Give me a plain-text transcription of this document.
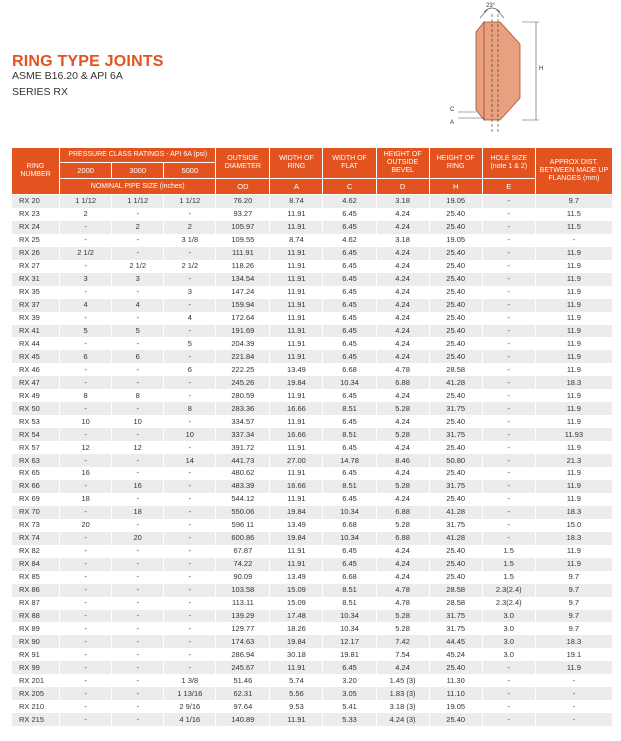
RING TYPE JOINTS
ASME B16.20 & API 6A
SERIES RX
23°
H
C
A
RING NUMBER	PRESSURE CLASS RATINGS - API 6A (psi)			OUTSIDE DIAMETER	WIDTH OF RING	WIDTH OF FLAT	HEIGHT OF OUTSIDE BEVEL	HEIGHT OF RING	HOLE SIZE (note 1 & 2)	APPROX DIST. BETWEEN MADE UP FLANGES (mm)
	2000	3000	5000							
	NOMINAL PIPE SIZE (inches)			OD	A	C	D	H	E	
RX 20	1 1/12	1 1/12	1 1/12	76.20	8.74	4.62	3.18	19.05	-	9.7
RX 23	2	-	-	93.27	11.91	6.45	4.24	25.40	-	11.5
RX 24	-	2	2	105.97	11.91	6.45	4.24	25.40	-	11.5
RX 25	-	-	3 1/8	109.55	8.74	4.62	3.18	19.05	-	-
RX 26	2 1/2	-	-	111.91	11.91	6.45	4.24	25.40	-	11.9
RX 27	-	2 1/2	2 1/2	118.26	11.91	6.45	4.24	25.40	-	11.9
RX 31	3	3	-	134.54	11.91	6.45	4.24	25.40	-	11.9
RX 35	-	-	3	147.24	11.91	6.45	4.24	25.40	-	11.9
RX 37	4	4	-	159.94	11.91	6.45	4.24	25.40	-	11.9
RX 39	-	-	4	172.64	11.91	6.45	4.24	25.40	-	11.9
RX 41	5	5	-	191.69	11.91	6.45	4.24	25.40	-	11.9
RX 44	-	-	5	204.39	11.91	6.45	4.24	25.40	-	11.9
RX 45	6	6	-	221.84	11.91	6.45	4.24	25.40	-	11.9
RX 46	-	-	6	222.25	13.49	6.68	4.78	28.58	-	11.9
RX 47	-	-	-	245.26	19.84	10.34	6.88	41.28	-	18.3
RX 49	8	8	-	280.59	11.91	6.45	4.24	25.40	-	11.9
RX 50	-	-	8	283.36	16.66	8.51	5.28	31.75	-	11.9
RX 53	10	10	-	334.57	11.91	6.45	4.24	25.40	-	11.9
RX 54	-	-	10	337.34	16.66	8.51	5.28	31.75	-	11.93
RX 57	12	12	-	391.72	11.91	6.45	4.24	25.40	-	11.9
RX 63	-	-	14	441.73	27.00	14.78	8.46	50.80	-	21.3
RX 65	16	-	-	480.62	11.91	6.45	4.24	25.40	-	11.9
RX 66	-	16	-	483.39	16.66	8.51	5.28	31.75	-	11.9
RX 69	18	-	-	544.12	11.91	6.45	4.24	25.40	-	11.9
RX 70	-	18	-	550.06	19.84	10.34	6.88	41.28	-	18.3
RX 73	20	-	-	596 11	13.49	6.68	5.28	31.75	-	15.0
RX 74	-	20	-	600.86	19.84	10.34	6.88	41.28	-	18.3
RX 82	-	-	-	67.87	11.91	6.45	4.24	25.40	1.5	11.9
RX 84	-	-	-	74.22	11.91	6.45	4.24	25.40	1.5	11.9
RX 85	-	-	-	90.09	13.49	6.68	4.24	25.40	1.5	9.7
RX 86	-	-	-	103.58	15.09	8.51	4.78	28.58	2.3(2.4)	9.7
RX 87	-	-	-	113.11	15.09	8.51	4.78	28.58	2.3(2.4)	9.7
RX 88	-	-	-	139.29	17.48	10.34	5.28	31.75	3.0	9.7
RX 89	-	-	-	129.77	18.26	10.34	5.28	31.75	3.0	9.7
RX 90	-	-	-	174.63	19.84	12.17	7.42	44.45	3.0	18.3
RX 91	-	-	-	286.94	30.18	19.81	7.54	45.24	3.0	19.1
RX 99	-	-	-	245.67	11.91	6.45	4.24	25.40	-	11.9
RX 201	-	-	1 3/8	51.46	5.74	3.20	1.45 (3)	11.30	-	-
RX 205	-	-	1 13/16	62.31	5.56	3.05	1.83 (3)	11.10	-	-
RX 210	-	-	2 9/16	97.64	9.53	5.41	3.18 (3)	19.05	-	-
RX 215	-	-	4 1/16	140.89	11.91	5.33	4.24 (3)	25.40	-	-
